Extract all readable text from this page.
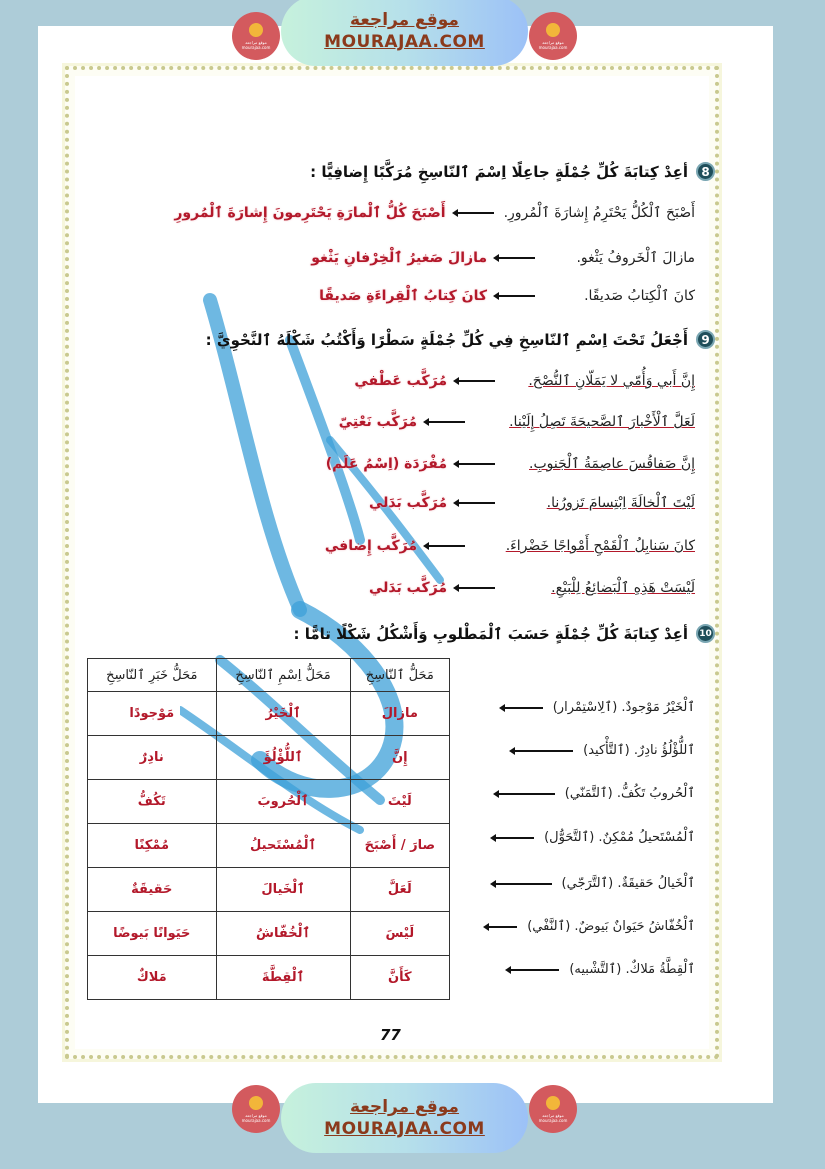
موقع مراجعة mourajaa.com
موقع مراجعة
MOURAJAA.COM	موقع مراجعة mourajaa.com
8
أعِدْ كِتابَةَ كُلِّ جُمْلَةٍ جاعِلًا اِسْمَ ٱلنّاسِخِ مُرَكَّبًا إِضافِيًّا :
أَصْبَحَ ٱلْكُلُّ يَحْتَرِمُ إِشارَةَ ٱلْمُرورِ.
أَصْبَحَ كُلُّ ٱلْمارَةِ يَحْتَرِمونَ إِشارَةَ ٱلْمُرورِ
مازالَ ٱلْخَروفُ يَثْغو.
مازالَ صَغيرُ ٱلْخِرْفانِ يَثْغو
كانَ ٱلْكِتابُ صَديقًا.
كانَ كِتابُ ٱلْقِراءَةِ صَديقًا
9
أَجْعَلُ تَحْتَ اِسْمِ ٱلنّاسِخِ فِي كُلِّ جُمْلَةٍ سَطْرًا وَأَكْتُبُ شَكْلَهُ ٱلنَّحْوِيَّ :
إِنَّ أَبي وَأُمّي لا يَمَلّانِ ٱلنُّصْحَ.
مُرَكَّب عَطْفي
لَعَلَّ ٱلْأَخْبارَ ٱلصَّحيحَةَ تَصِلُ إِلَيْنا.
مُرَكَّب نَعْتِيّ
إِنَّ صَفاقُسَ عاصِمَةُ ٱلْجَنوبِ.
مُفْرَدَة (اِسْمُ عَلَم)
لَيْتَ ٱلْخالَةَ اِبْتِسامَ تَزورُنا.
مُرَكَّب بَدَلي
كانَ سَنابِلُ ٱلْقَمْحِ أَمْواجًا خَضْراءَ.
مُرَكَّب إِضافي
لَيْسَتْ هَذِهِ ٱلْبَضائِعُ لِلْبَيْعِ.
مُرَكَّب بَدَلي
10
أعِدْ كِتابَةَ كُلِّ جُمْلَةٍ حَسَبَ ٱلْمَطْلوبِ وَأَشْكُلُ شَكْلًا تامًّا :
ٱلْخَيْرُ مَوْجودٌ. (ٱلِاسْتِمْرار)
ٱللُّؤْلُؤُ نادِرٌ. (ٱلتَّأْكيد)
ٱلْحُروبُ تَكُفُّ. (ٱلتَّمَنّي)
ٱلْمُسْتَحيلُ مُمْكِنٌ. (ٱلتَّحَوُّل)
ٱلْخَيالُ حَقيقَةٌ. (ٱلتَّرَجّي)
ٱلْخُفّاشُ حَيَوانٌ بَيوضٌ. (ٱلنَّفْي)
ٱلْقِطَّةُ مَلاكٌ. (ٱلتَّشْبيه)
77
مَحَلُّ ٱلنّاسِخِ	مَحَلُّ اِسْمِ ٱلنّاسِخِ	مَحَلُّ خَبَرِ ٱلنّاسِخِ
مازالَ	ٱلْخَيْرُ	مَوْجودًا
إِنَّ	ٱللُّؤْلُؤَ	نادِرٌ
لَيْتَ	ٱلْحُروبَ	تَكُفُّ
صارَ / أَصْبَحَ	ٱلْمُسْتَحيلُ	مُمْكِنًا
لَعَلَّ	ٱلْخَيالَ	حَقيقَةٌ
لَيْسَ	ٱلْخُفّاشُ	حَيَوانًا بَيوضًا
كَأَنَّ	ٱلْقِطَّةَ	مَلاكٌ
موقع مراجعة mourajaa.com
موقع مراجعة
MOURAJAA.COM
موقع مراجعة mourajaa.com
